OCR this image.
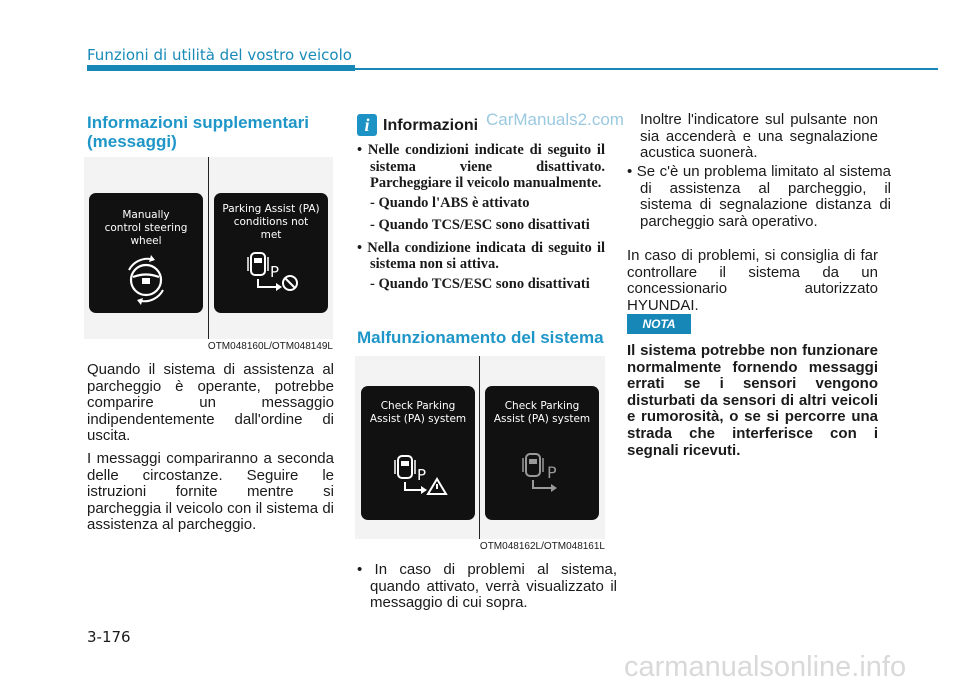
Funzioni di utilità del vostro veicolo
Informazioni supplementari (messaggi)
Manually control steering wheel
Parking Assist (PA) conditions not met
P
OTM048160L/OTM048149L

Quando il sistema di assistenza al parcheggio è operante, potrebbe comparire un messaggio indipendentemente dall'ordine di uscita.

I messaggi compariranno a seconda delle circostanze. Seguire le istruzioni fornite mentre si parcheggia il veicolo con il sistema di assistenza al parcheggio.

i Informazioni CarManuals2.com
• Nelle condizioni indicate di seguito il sistema viene disattivato. Parcheggiare il veicolo manualmente.
- Quando l'ABS è attivato
- Quando TCS/ESC sono disattivati
• Nella condizione indicata di seguito il sistema non si attiva.
- Quando TCS/ESC sono disattivati
Malfunzionamento del sistema
Check Parking Assist (PA) system
P
Check Parking Assist (PA) system
P
OTM048162L/OTM048161L
• In caso di problemi al sistema, quando attivato, verrà visualizzato il messaggio di cui sopra.
Inoltre l'indicatore sul pulsante non sia accenderà e una segnalazione acustica suonerà.
• Se c'è un problema limitato al sistema di assistenza al parcheggio, il sistema di segnalazione distanza di parcheggio sarà operativo.
In caso di problemi, si consiglia di far controllare il sistema da un concessionario autorizzato HYUNDAI.
NOTA
Il sistema potrebbe non funzionare normalmente fornendo messaggi errati se i sensori vengono disturbati da sensori di altri veicoli e rumorosità, o se si percorre una strada che interferisce con i segnali ricevuti.
3-176
carmanualsonline.info
